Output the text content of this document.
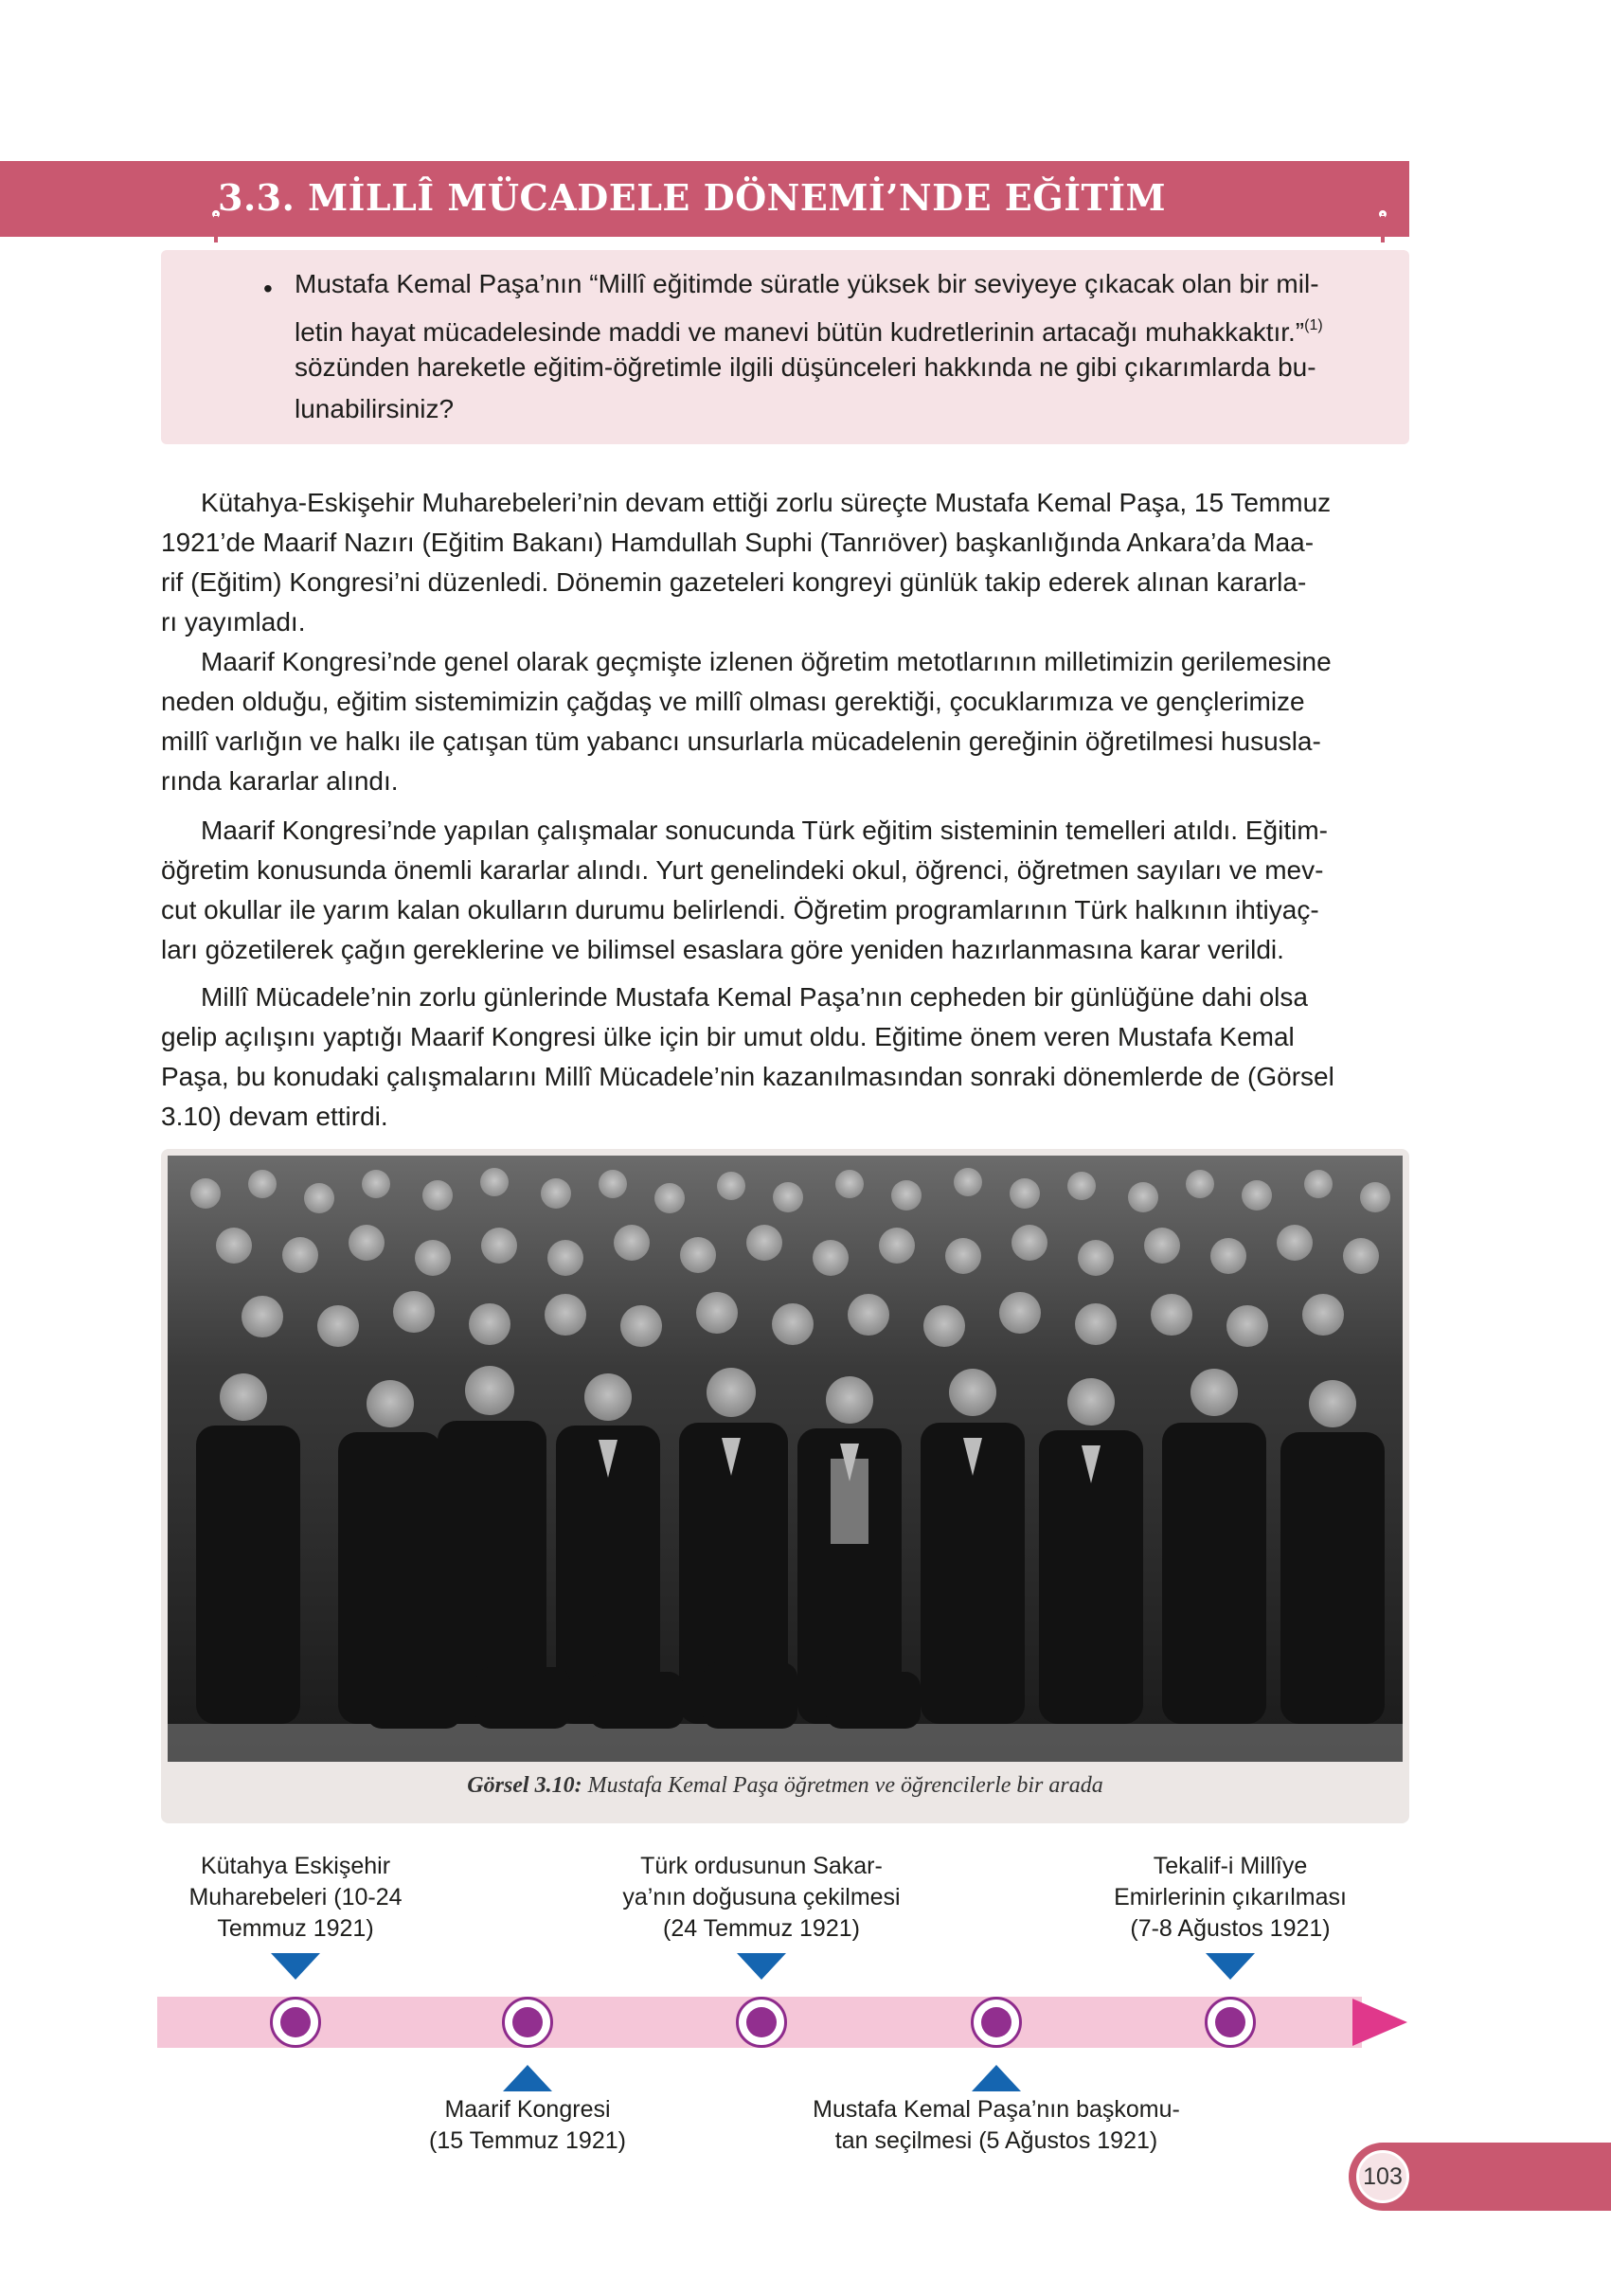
3.3. MİLLÎ MÜCADELE DÖNEMİ’NDE EĞİTİM
• Mustafa Kemal Paşa’nın “Millî eğitimde süratle yüksek bir seviyeye çıkacak olan bir mil-
letin hayat mücadelesinde maddi ve manevi bütün kudretlerinin artacağı muhakkaktır.”$^{(1)}$
sözünden hareketle eğitim-öğretimle ilgili düşünceleri hakkında ne gibi çıkarımlarda bu-
lunabilirsiniz?
Kütahya-Eskişehir Muharebeleri’nin devam ettiği zorlu süreçte Mustafa Kemal Paşa, 15 Temmuz
1921’de Maarif Nazırı (Eğitim Bakanı) Hamdullah Suphi (Tanrıöver) başkanlığında Ankara’da Maa-
rif (Eğitim) Kongresi’ni düzenledi. Dönemin gazeteleri kongreyi günlük takip ederek alınan kararla-
rı yayımladı.
Maarif Kongresi’nde genel olarak geçmişte izlenen öğretim metotlarının milletimizin gerilemesine
neden olduğu, eğitim sistemimizin çağdaş ve millî olması gerektiği, çocuklarımıza ve gençlerimize
millî varlığın ve halkı ile çatışan tüm yabancı unsurlarla mücadelenin gereğinin öğretilmesi hususla-
rında kararlar alındı.
Maarif Kongresi’nde yapılan çalışmalar sonucunda Türk eğitim sisteminin temelleri atıldı. Eğitim-
öğretim konusunda önemli kararlar alındı. Yurt genelindeki okul, öğrenci, öğretmen sayıları ve mev-
cut okullar ile yarım kalan okulların durumu belirlendi. Öğretim programlarının Türk halkının ihtiyaç-
ları gözetilerek çağın gereklerine ve bilimsel esaslara göre yeniden hazırlanmasına karar verildi.
Millî Mücadele’nin zorlu günlerinde Mustafa Kemal Paşa’nın cepheden bir günlüğüne dahi olsa
gelip açılışını yaptığı Maarif Kongresi ülke için bir umut oldu. Eğitime önem veren Mustafa Kemal
Paşa, bu konudaki çalışmalarını Millî Mücadele’nin kazanılmasından sonraki dönemlerde de (Görsel
3.10) devam ettirdi.
Görsel 3.10: Mustafa Kemal Paşa öğretmen ve öğrencilerle bir arada
Kütahya Eskişehir
Muharebeleri (10-24
Temmuz 1921)
Türk ordusunun Sakar-
ya’nın doğusuna çekilmesi
(24 Temmuz 1921)
Tekalif-i Millîye
Emirlerinin çıkarılması
(7-8 Ağustos 1921)
Maarif Kongresi
(15 Temmuz 1921)
Mustafa Kemal Paşa’nın başkomu-
tan seçilmesi (5 Ağustos 1921)
103
